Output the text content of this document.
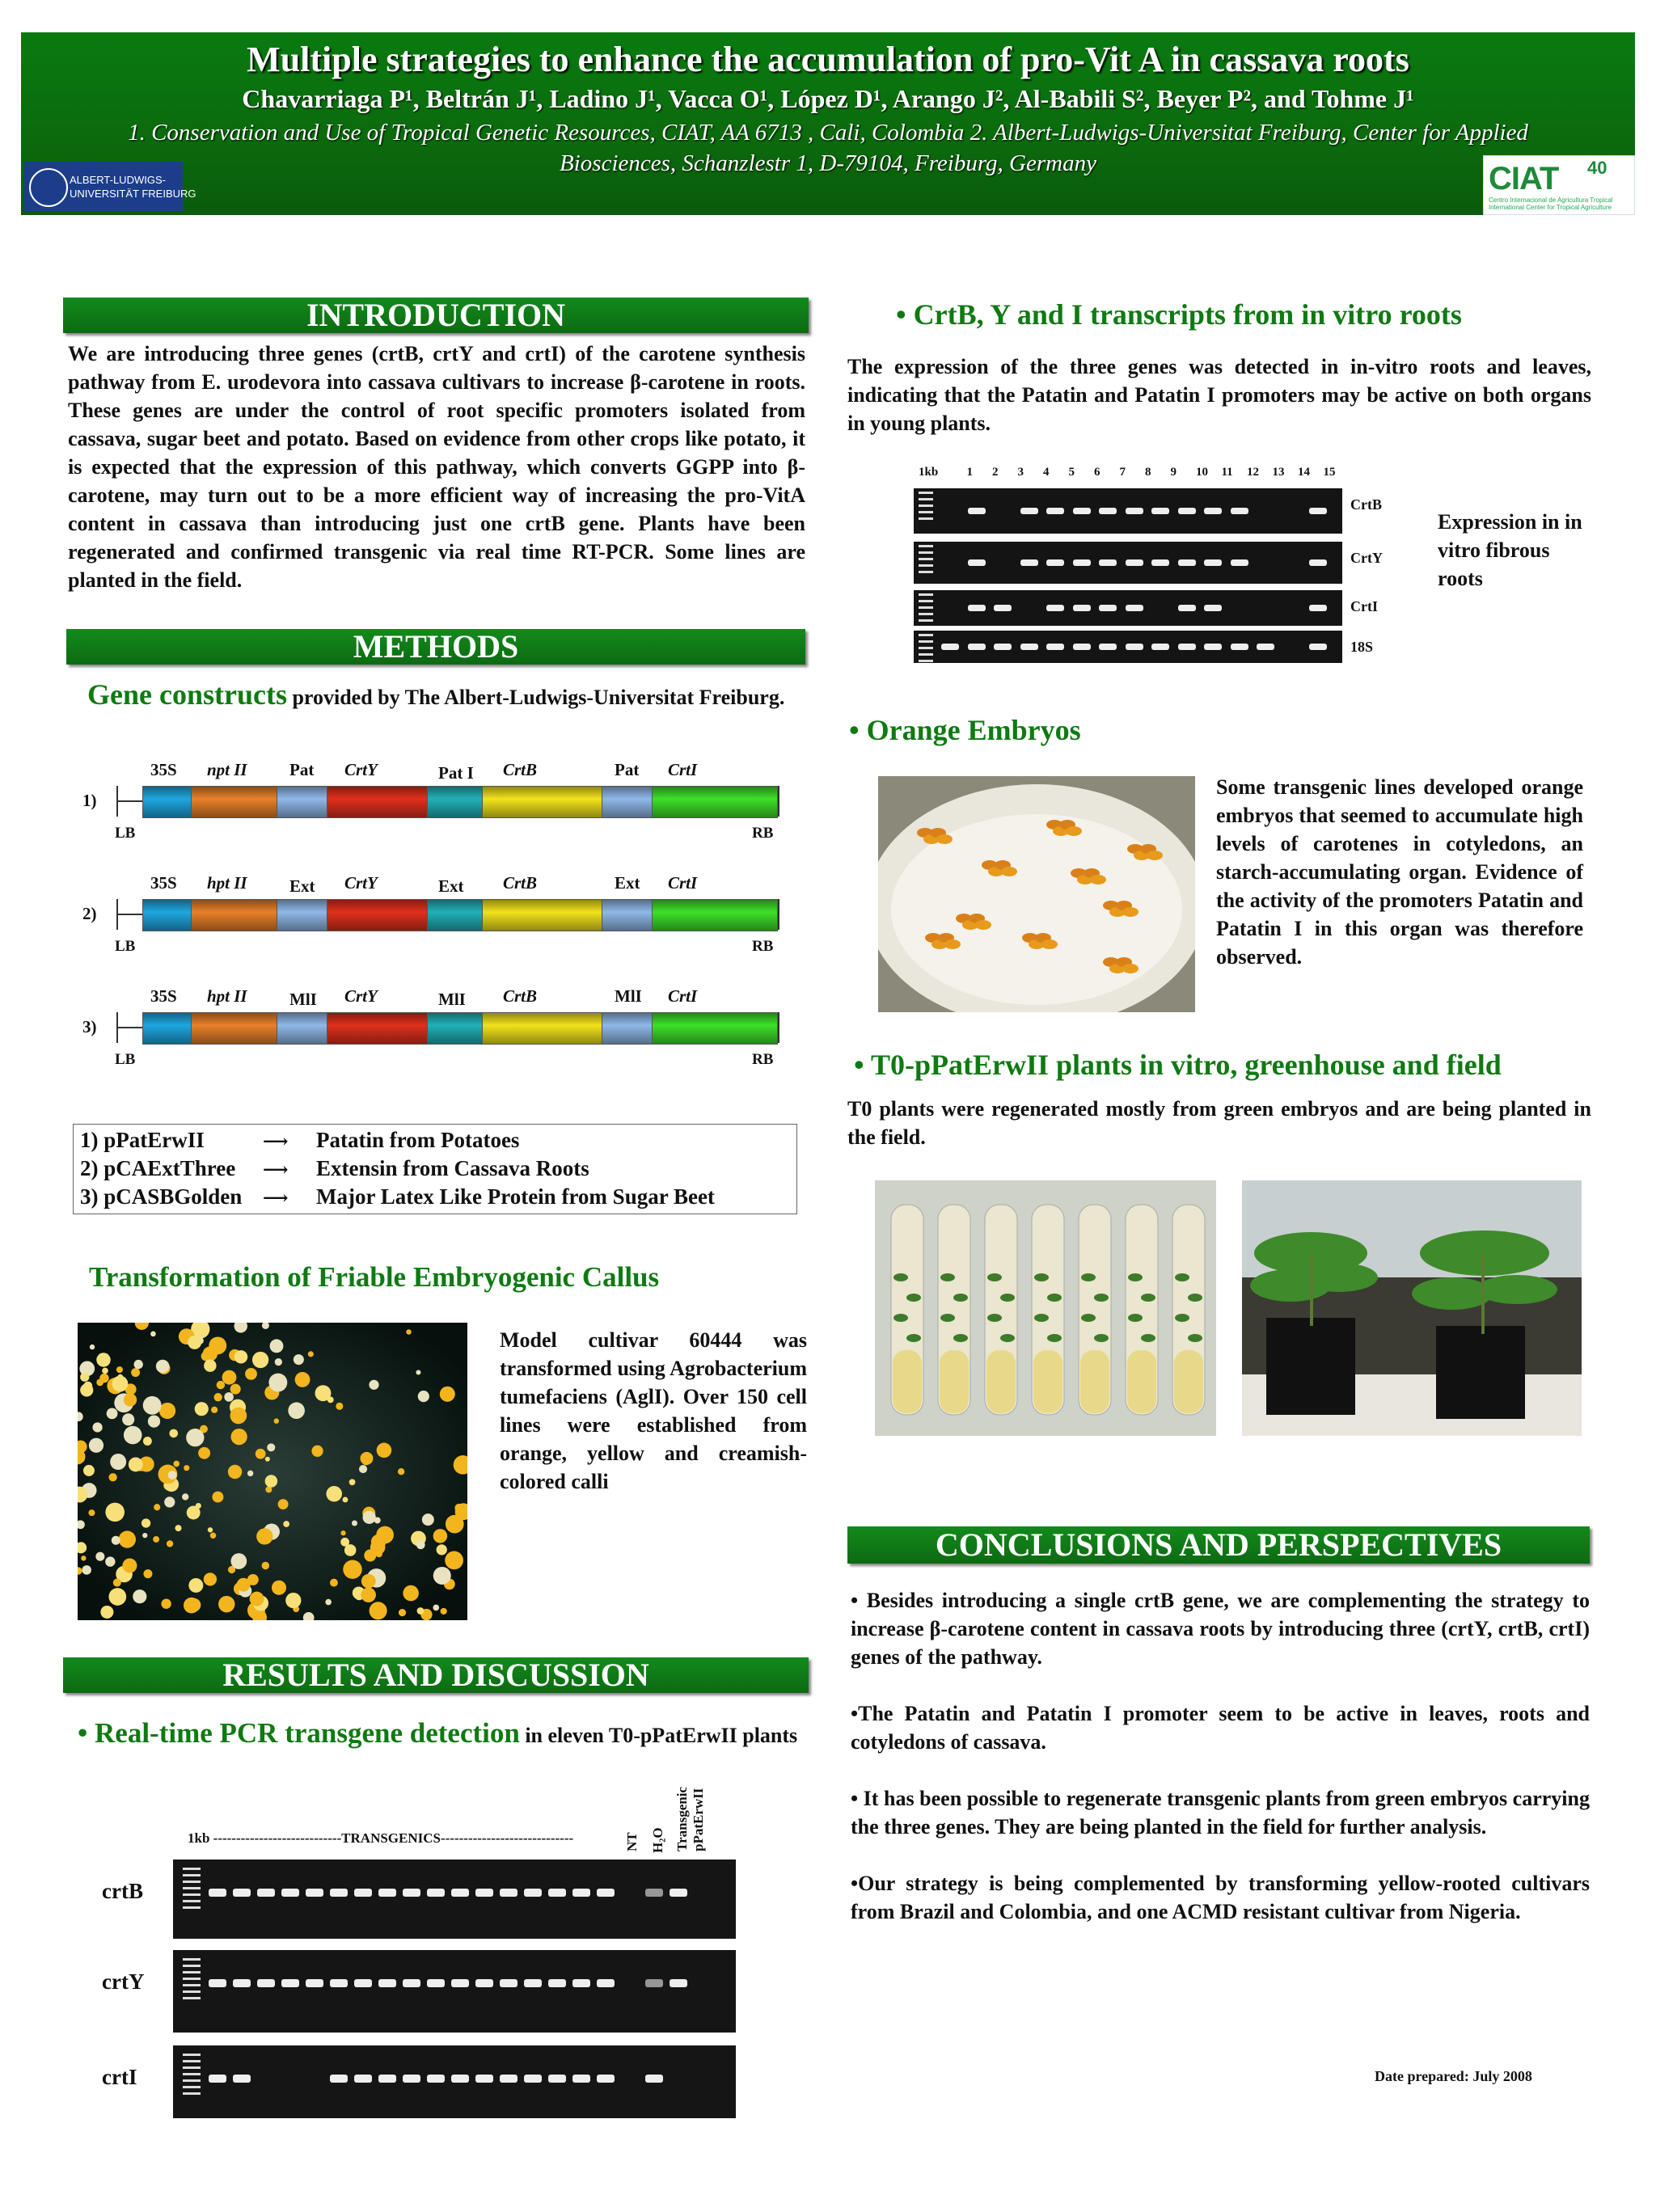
Multiple strategies to enhance the accumulation of pro-Vit A in cassava roots
Chavarriaga P¹, Beltrán J¹, Ladino J¹, Vacca O¹, López D¹, Arango J², Al-Babili S², Beyer P², and Tohme J¹
1. Conservation and Use of Tropical Genetic Resources, CIAT, AA 6713 , Cali, Colombia 2. Albert-Ludwigs-Universitat Freiburg, Center for Applied
Biosciences, Schanzlestr 1, D-79104, Freiburg, Germany
ALBERT-LUDWIGS-
UNIVERSITÄT FREIBURG	CIAT 40
Centro Internacional de Agricultura Tropical International Center for Tropical Agriculture
INTRODUCTION
We are introducing three genes (crtB, crtY and crtI) of the carotene synthesis pathway from E. urodevora into cassava cultivars to increase β-carotene in roots. These genes are under the control of root specific promoters isolated from cassava, sugar beet and potato. Based on evidence from other crops like potato, it is expected that the expression of this pathway, which converts GGPP into β-carotene, may turn out to be a more efficient way of increasing the pro-VitA content in cassava than introducing just one crtB gene. Plants have been regenerated and confirmed transgenic via real time RT-PCR. Some lines are planted in the field.
METHODS
Gene constructs provided by The Albert-Ludwigs-Universitat Freiburg.
1)
35S npt II Pat CrtY	Pat I CrtB	Pat CrtI
LB	RB
2)
35S hpt II Ext CrtY	Ext CrtB	Ext CrtI
LB	RB
3)
35S hpt II MlI CrtY	MlI CrtB	MlI CrtI
LB	RB
1) pPatErwII	⟶ Patatin from Potatoes
2) pCAExtThree ⟶ Extensin from Cassava Roots
3) pCASBGolden ⟶ Major Latex Like Protein from Sugar Beet
Transformation of Friable Embryogenic Callus
Model cultivar 60444 was transformed using Agrobacterium tumefaciens (AglI). Over 150 cell lines were established from orange, yellow and creamish-colored calli
RESULTS AND DISCUSSION
• Real-time PCR transgene detection in eleven T0-pPatErwII plants
1kb ----------------------------TRANSGENICS-----------------------------	NT H₂O Transgenic pPatErwII
crtB
crtY
crtI
• CrtB, Y and I transcripts from in vitro roots
The expression of the three genes was detected in in-vitro roots and leaves, indicating that the Patatin and Patatin I promoters may be active on both organs in young plants.
1kb 1 2 3 4 5 6 7 8 9 10 11 12 13 14 15
CrtB
CrtY
CrtI
18S
Expression in in vitro fibrous roots
• Orange Embryos
Some transgenic lines developed orange embryos that seemed to accumulate high levels of carotenes in cotyledons, an starch-accumulating organ. Evidence of the activity of the promoters Patatin and Patatin I in this organ was therefore observed.
• T0-pPatErwII plants in vitro, greenhouse and field
T0 plants were regenerated mostly from green embryos and are being planted in the field.
CONCLUSIONS AND PERSPECTIVES
• Besides introducing a single crtB gene, we are complementing the strategy to increase β-carotene content in cassava roots by introducing three (crtY, crtB, crtI) genes of the pathway.
•The Patatin and Patatin I promoter seem to be active in leaves, roots and cotyledons of cassava.
• It has been possible to regenerate transgenic plants from green embryos carrying the three genes. They are being planted in the field for further analysis.
•Our strategy is being complemented by transforming yellow-rooted cultivars from Brazil and Colombia, and one ACMD resistant cultivar from Nigeria.
Date prepared: July 2008
